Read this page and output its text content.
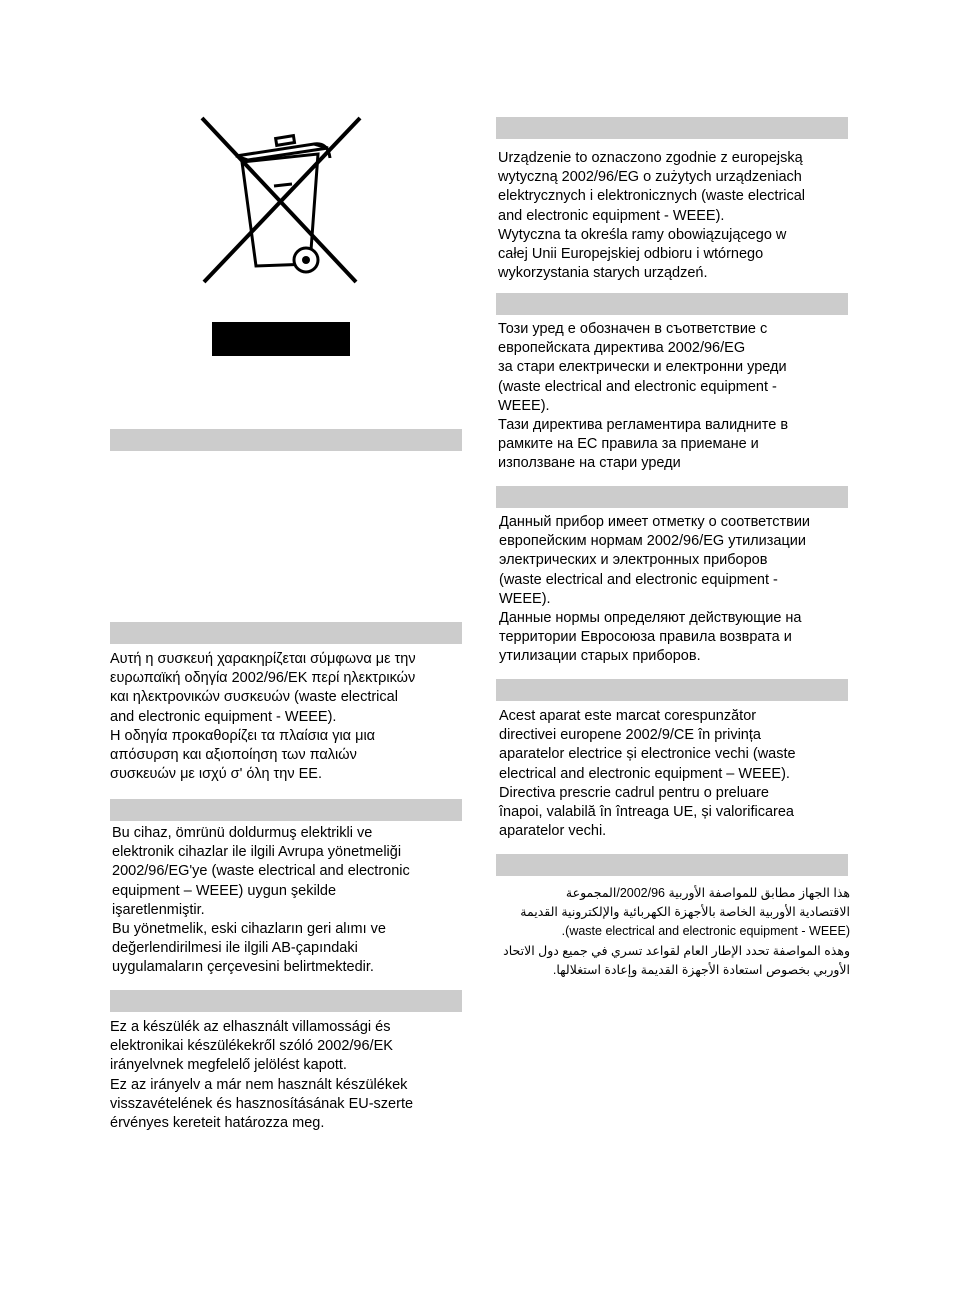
Αυτή η συσκευή χαρακηρίζεται σύμφωνα με την
ευρωπαϊκή οδηγία 2002/96/ΕΚ περί ηλεκτρικών
και ηλεκτρονικών συσκευών (waste electrical
and electronic equipment - WEEE).
Η οδηγία προκαθορίζει τα πλαίσια για μια
απόσυρση και αξιοποίηση των παλιών
συσκευών με ισχύ σ' όλη την ΕΕ.

Bu cihaz, ömrünü doldurmuş elektrikli ve
elektronik cihazlar ile ilgili Avrupa yönetmeliği
2002/96/EG'ye (waste electrical and electronic
equipment – WEEE) uygun şekilde
işaretlenmiştir.
Bu yönetmelik, eski cihazların geri alımı ve
değerlendirilmesi ile ilgili AB-çapındaki
uygulamaların çerçevesini belirtmektedir.

Ez a készülék az elhasznált villamossági és
elektronikai készülékekről szóló 2002/96/EK
irányelvnek megfelelő jelölést kapott.
Ez az irányelv a már nem használt készülékek
visszavételének és hasznosításának EU-szerte
érvényes kereteit határozza meg.

Urządzenie to oznaczono zgodnie z europejską
wytyczną 2002/96/EG o zużytych urządzeniach
elektrycznych i elektronicznych (waste electrical
and electronic equipment - WEEE).
Wytyczna ta określa ramy obowiązującego w
całej Unii Europejskiej odbioru i wtórnego
wykorzystania starych urządzeń.

Този уред е обозначен в съответствие с
европейската директива 2002/96/EG
за стари електрически и електронни уреди
(waste electrical and electronic equipment -
WEEE).
Тази директива регламентира валидните в
рамките на ЕС правила за приемане и
използване на стари уреди

Данный прибор имеет отметку о соответствии
европейским нормам 2002/96/EG утилизации
электрических и электронных приборов
(waste electrical and electronic equipment -
WEEE).
Данные нормы определяют действующие на
территории Евросоюза правила возврата и
утилизации старых приборов.

Acest aparat este marcat corespunzător
directivei europene 2002/9/CE în privința
aparatelor electrice și electronice vechi (waste
electrical and electronic equipment – WEEE).
Directiva prescrie cadrul pentru o preluare
înapoi, valabilă în întreaga UE, și valorificarea
aparatelor vechi.

هذا الجهاز مطابق للمواصفة الأوربية 2002/96/المجموعة
الاقتصادية الأوربية الخاصة بالأجهزة الكهربائية والإلكترونية القديمة
(waste electrical and electronic equipment - WEEE).
وهذه المواصفة تحدد الإطار العام لقواعد تسري في جميع دول الاتحاد
الأوربي بخصوص استعادة الأجهزة القديمة وإعادة استغلالها.
